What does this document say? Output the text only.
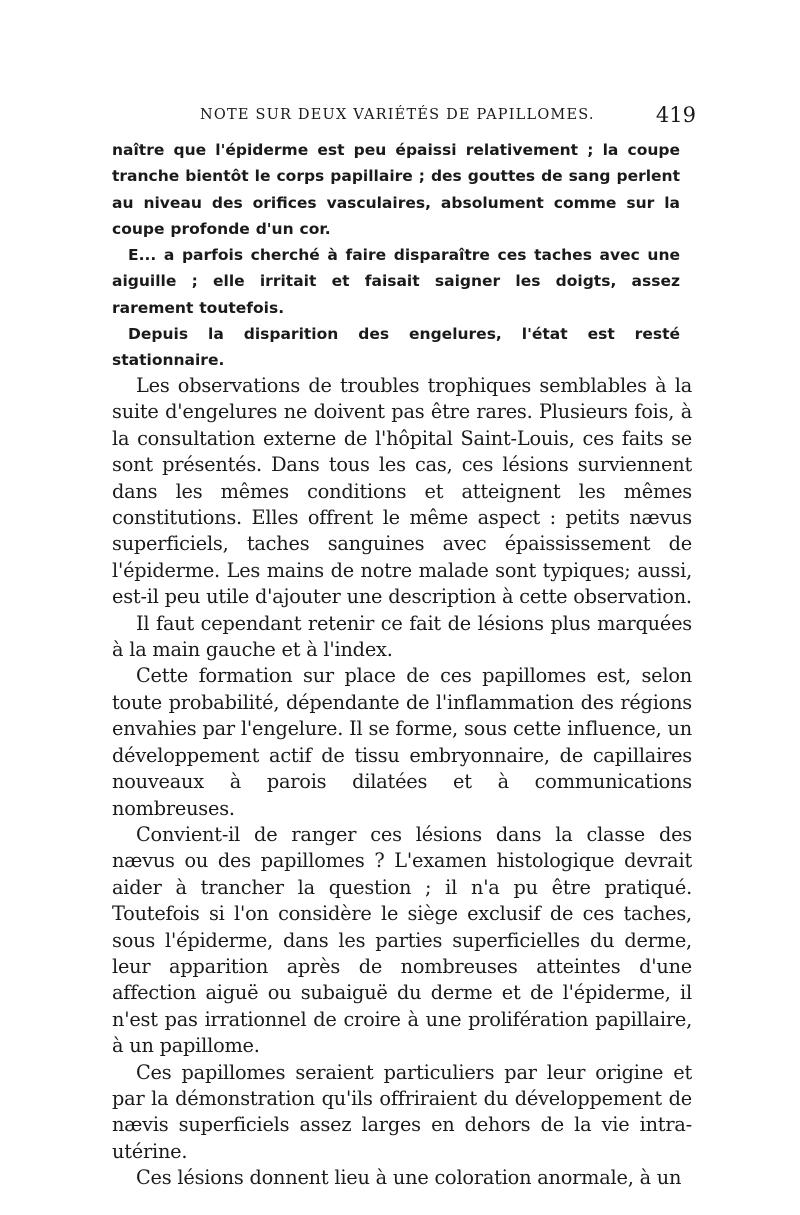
NOTE SUR DEUX VARIÉTÉS DE PAPILLOMES.	419

naître que l'épiderme est peu épaissi relativement ; la coupe tranche bientôt le corps papillaire ; des gouttes de sang perlent au niveau des orifices vasculaires, absolument comme sur la coupe profonde d'un cor.

E... a parfois cherché à faire disparaître ces taches avec une aiguille ; elle irritait et faisait saigner les doigts, assez rarement toutefois.

Depuis la disparition des engelures, l'état est resté stationnaire.

Les observations de troubles trophiques semblables à la suite d'engelures ne doivent pas être rares. Plusieurs fois, à la consultation externe de l'hôpital Saint-Louis, ces faits se sont présentés. Dans tous les cas, ces lésions surviennent dans les mêmes conditions et atteignent les mêmes constitutions. Elles offrent le même aspect : petits nævus superficiels, taches sanguines avec épaississement de l'épiderme. Les mains de notre malade sont typiques; aussi, est-il peu utile d'ajouter une description à cette observation.

Il faut cependant retenir ce fait de lésions plus marquées à la main gauche et à l'index.

Cette formation sur place de ces papillomes est, selon toute probabilité, dépendante de l'inflammation des régions envahies par l'engelure. Il se forme, sous cette influence, un développement actif de tissu embryonnaire, de capillaires nouveaux à parois dilatées et à communications nombreuses.

Convient-il de ranger ces lésions dans la classe des nævus ou des papillomes ? L'examen histologique devrait aider à trancher la question ; il n'a pu être pratiqué. Toutefois si l'on considère le siège exclusif de ces taches, sous l'épiderme, dans les parties superficielles du derme, leur apparition après de nombreuses atteintes d'une affection aiguë ou subaiguë du derme et de l'épiderme, il n'est pas irrationnel de croire à une prolifération papillaire, à un papillome.

Ces papillomes seraient particuliers par leur origine et par la démonstration qu'ils offriraient du développement de nævis superficiels assez larges en dehors de la vie intra-utérine.

Ces lésions donnent lieu à une coloration anormale, à un
